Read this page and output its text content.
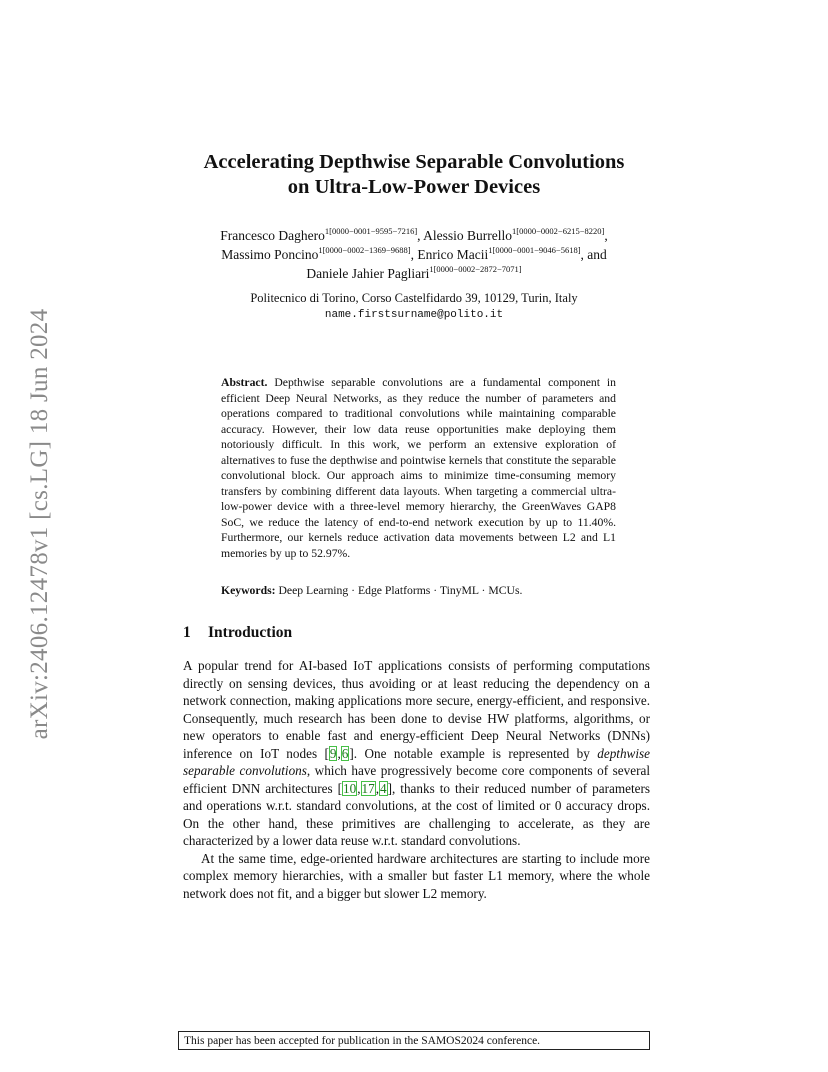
arXiv:2406.12478v1 [cs.LG] 18 Jun 2024
Accelerating Depthwise Separable Convolutions
on Ultra-Low-Power Devices
Francesco Daghero$^{1[0000-0001-9595-7216]}$, Alessio Burrello$^{1[0000-0002-6215-8220]}$,
Massimo Poncino$^{1[0000-0002-1369-9688]}$, Enrico Macii$^{1[0000-0001-9046-5618]}$, and
Daniele Jahier Pagliari$^{1[0000-0002-2872-7071]}$
Politecnico di Torino, Corso Castelfidardo 39, 10129, Turin, Italy
name.firstsurname@polito.it
Abstract. Depthwise separable convolutions are a fundamental component in efficient Deep Neural Networks, as they reduce the number of parameters and operations compared to traditional convolutions while maintaining comparable accuracy. However, their low data reuse opportunities make deploying them notoriously difficult. In this work, we perform an extensive exploration of alternatives to fuse the depthwise and pointwise kernels that constitute the separable convolutional block. Our approach aims to minimize time-consuming memory transfers by combining different data layouts. When targeting a commercial ultra-low-power device with a three-level memory hierarchy, the GreenWaves GAP8 SoC, we reduce the latency of end-to-end network execution by up to 11.40%. Furthermore, our kernels reduce activation data movements between L2 and L1 memories by up to 52.97%.
Keywords: Deep Learning · Edge Platforms · TinyML · MCUs.
1 Introduction

A popular trend for AI-based IoT applications consists of performing computations directly on sensing devices, thus avoiding or at least reducing the dependency on a network connection, making applications more secure, energy-efficient, and responsive. Consequently, much research has been done to devise HW platforms, algorithms, or new operators to enable fast and energy-efficient Deep Neural Networks (DNNs) inference on IoT nodes [9,6]. One notable example is represented by depthwise separable convolutions, which have progressively become core components of several efficient DNN architectures [10,17,4], thanks to their reduced number of parameters and operations w.r.t. standard convolutions, at the cost of limited or 0 accuracy drops. On the other hand, these primitives are challenging to accelerate, as they are characterized by a lower data reuse w.r.t. standard convolutions.

At the same time, edge-oriented hardware architectures are starting to include more complex memory hierarchies, with a smaller but faster L1 memory, where the whole network does not fit, and a bigger but slower L2 memory.

This paper has been accepted for publication in the SAMOS2024 conference.
